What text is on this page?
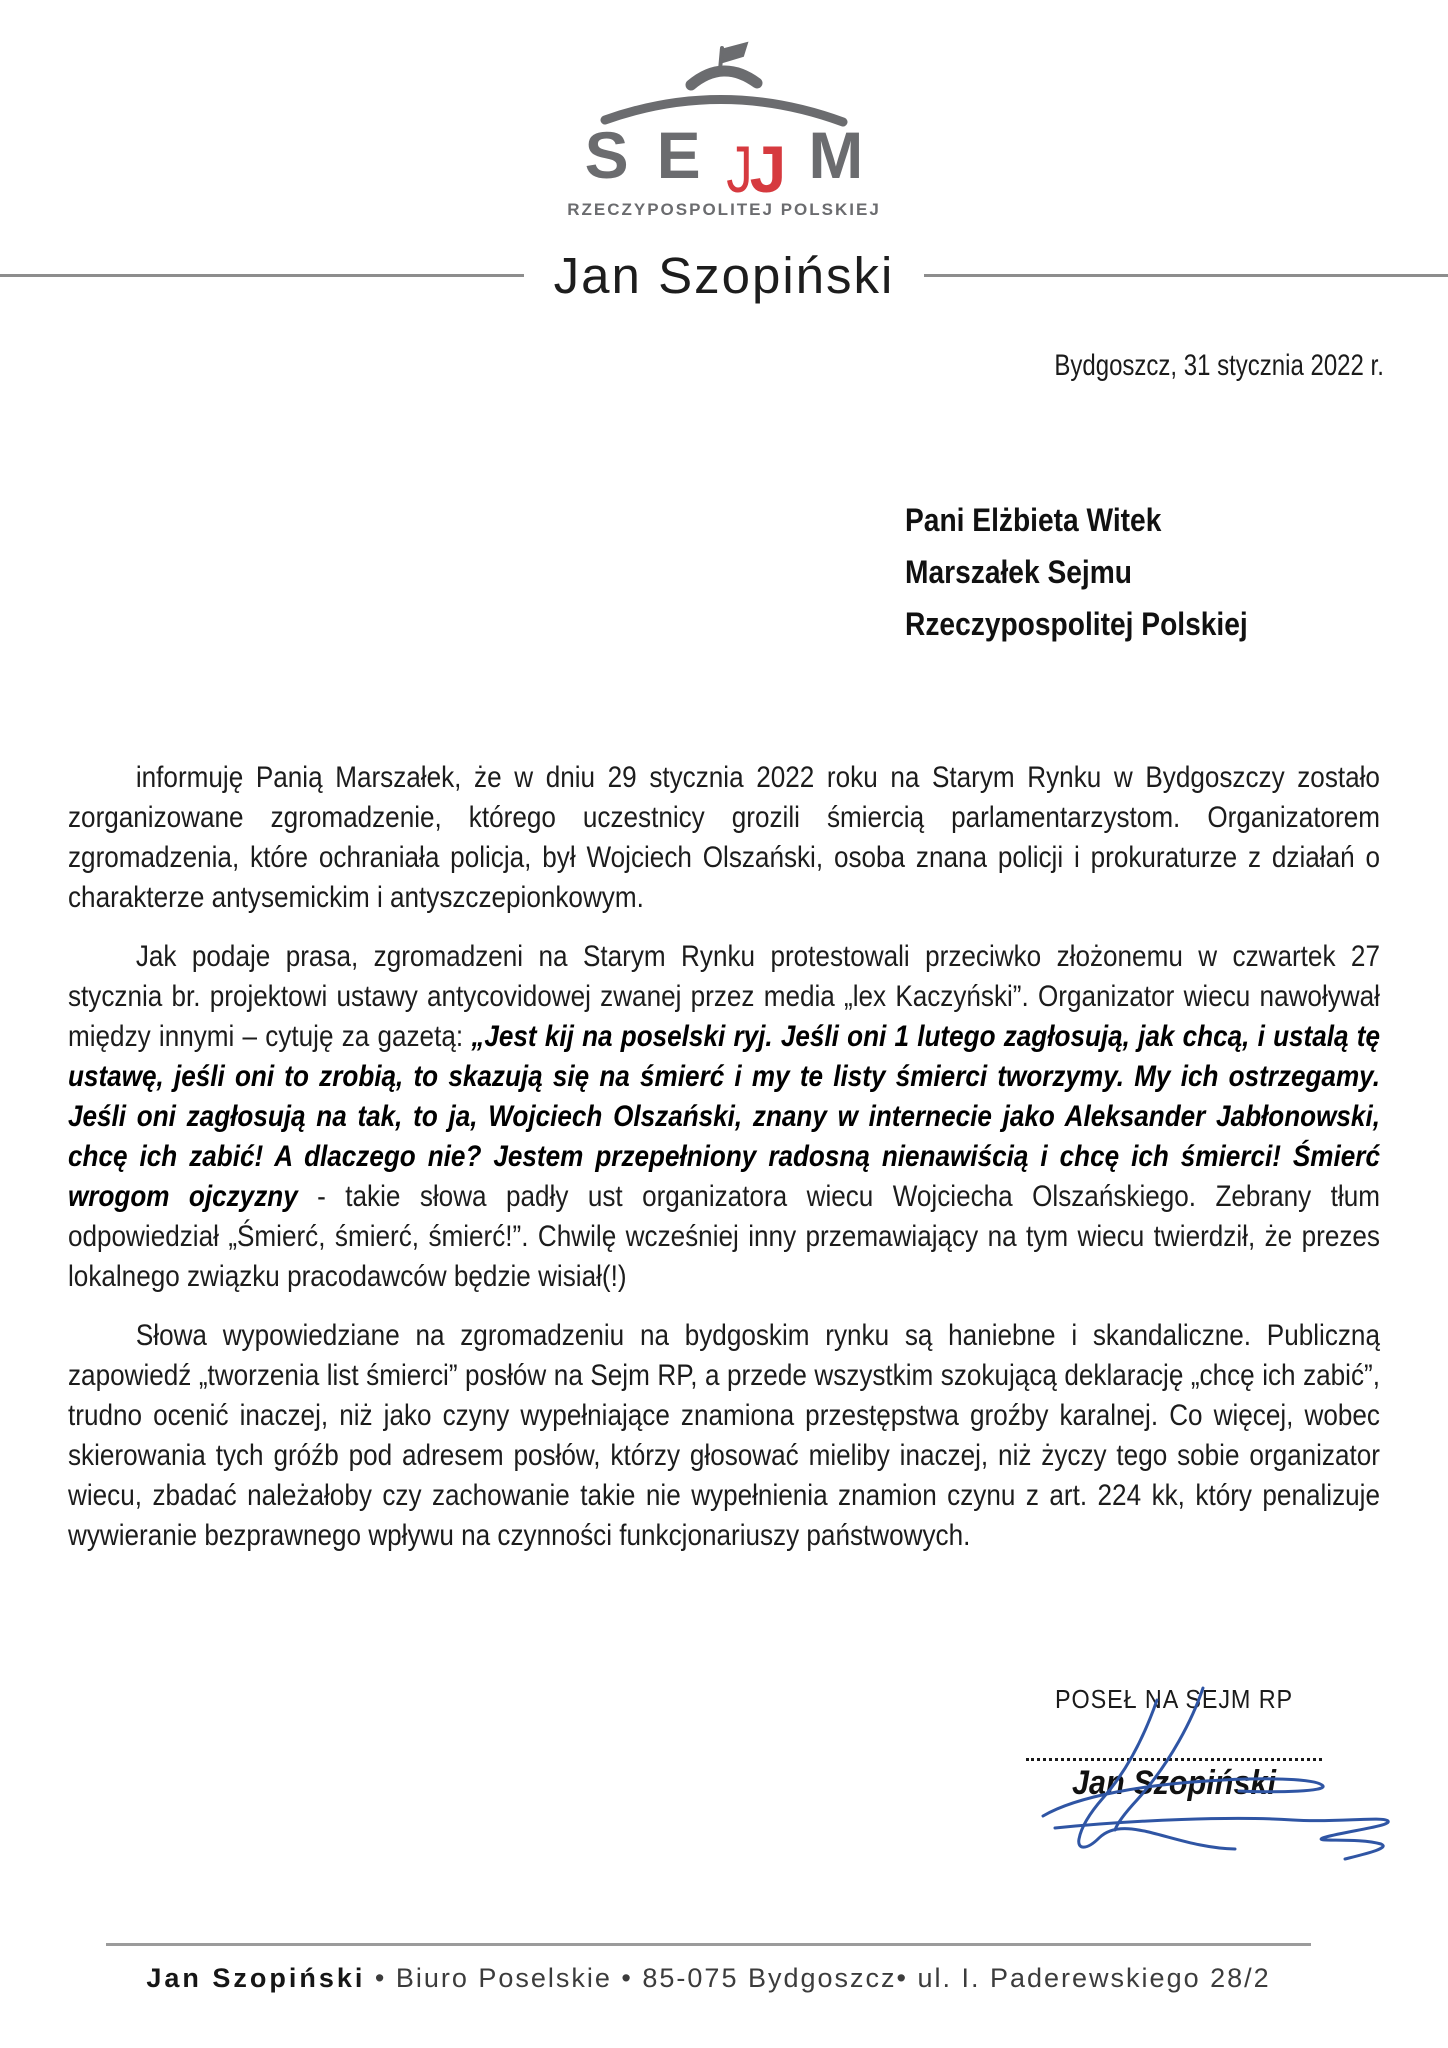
S E J
J M
RZECZYPOSPOLITEJ POLSKIEJ
Jan Szopiński
Bydgoszcz, 31 stycznia 2022 r.
Pani Elżbieta Witek
Marszałek Sejmu
Rzeczypospolitej Polskiej

informuję Panią Marszałek, że w dniu 29 stycznia 2022 roku na Starym Rynku w Bydgoszczy zostało zorganizowane zgromadzenie, którego uczestnicy grozili śmiercią parlamentarzystom. Organizatorem zgromadzenia, które ochraniała policja, był Wojciech Olszański, osoba znana policji i prokuraturze z działań o charakterze antysemickim i antyszczepionkowym.

Jak podaje prasa, zgromadzeni na Starym Rynku protestowali przeciwko złożonemu w czwartek 27 stycznia br. projektowi ustawy antycovidowej zwanej przez media „lex Kaczyński”. Organizator wiecu nawoływał między innymi – cytuję za gazetą: „Jest kij na poselski ryj. Jeśli oni 1 lutego zagłosują, jak chcą, i ustalą tę ustawę, jeśli oni to zrobią, to skazują się na śmierć i my te listy śmierci tworzymy. My ich ostrzegamy. Jeśli oni zagłosują na tak, to ja, Wojciech Olszański, znany w internecie jako Aleksander Jabłonowski, chcę ich zabić! A dlaczego nie? Jestem przepełniony radosną nienawiścią i chcę ich śmierci! Śmierć wrogom ojczyzny - takie słowa padły ust organizatora wiecu Wojciecha Olszańskiego. Zebrany tłum odpowiedział „Śmierć, śmierć, śmierć!”. Chwilę wcześniej inny przemawiający na tym wiecu twierdził, że prezes lokalnego związku pracodawców będzie wisiał(!)

Słowa wypowiedziane na zgromadzeniu na bydgoskim rynku są haniebne i skandaliczne. Publiczną zapowiedź „tworzenia list śmierci” posłów na Sejm RP, a przede wszystkim szokującą deklarację „chcę ich zabić”, trudno ocenić inaczej, niż jako czyny wypełniające znamiona przestępstwa groźby karalnej. Co więcej, wobec skierowania tych gróźb pod adresem posłów, którzy głosować mieliby inaczej, niż życzy tego sobie organizator wiecu, zbadać należałoby czy zachowanie takie nie wypełnienia znamion czynu z art. 224 kk, który penalizuje wywieranie bezprawnego wpływu na czynności funkcjonariuszy państwowych.

POSEŁ NA SEJM RP
Jan Szopiński
Jan Szopiński • Biuro Poselskie • 85-075 Bydgoszcz• ul. I. Paderewskiego 28/2
